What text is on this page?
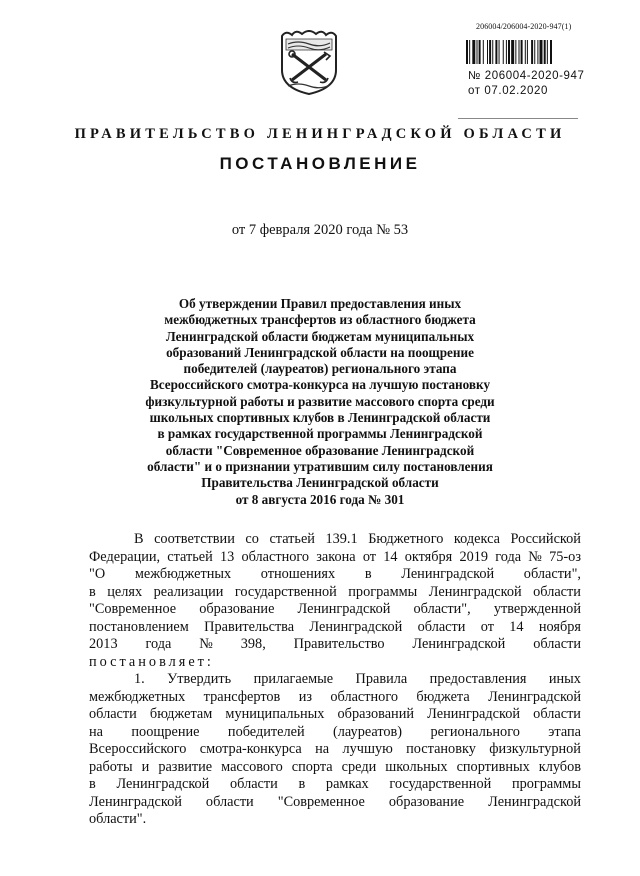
206004/206004-2020-947(1)
№ 206004-2020-947
от 07.02.2020
ПРАВИТЕЛЬСТВО ЛЕНИНГРАДСКОЙ ОБЛАСТИ
ПОСТАНОВЛЕНИЕ
от 7 февраля 2020 года № 53
Об утверждении Правил предоставления иных
межбюджетных трансфертов из областного бюджета
Ленинградской области бюджетам муниципальных
образований Ленинградской области на поощрение
победителей (лауреатов) регионального этапа
Всероссийского смотра-конкурса на лучшую постановку
физкультурной работы и развитие массового спорта среди
школьных спортивных клубов в Ленинградской области
в рамках государственной программы Ленинградской
области "Современное образование Ленинградской
области" и о признании утратившим силу постановления
Правительства Ленинградской области
от 8 августа 2016 года № 301
В соответствии со статьей 139.1 Бюджетного кодекса Российской
Федерации, статьей 13 областного закона от 14 октября 2019 года № 75-оз
"О межбюджетных отношениях в Ленинградской области",
в целях реализации государственной программы Ленинградской области
"Современное образование Ленинградской области", утвержденной
постановлением Правительства Ленинградской области от 14 ноября
2013 года № 398, Правительство Ленинградской области
постановляет:
1. Утвердить прилагаемые Правила предоставления иных
межбюджетных трансфертов из областного бюджета Ленинградской
области бюджетам муниципальных образований Ленинградской области
на поощрение победителей (лауреатов) регионального этапа
Всероссийского смотра-конкурса на лучшую постановку физкультурной
работы и развитие массового спорта среди школьных спортивных клубов
в Ленинградской области в рамках государственной программы
Ленинградской области "Современное образование Ленинградской
области".
